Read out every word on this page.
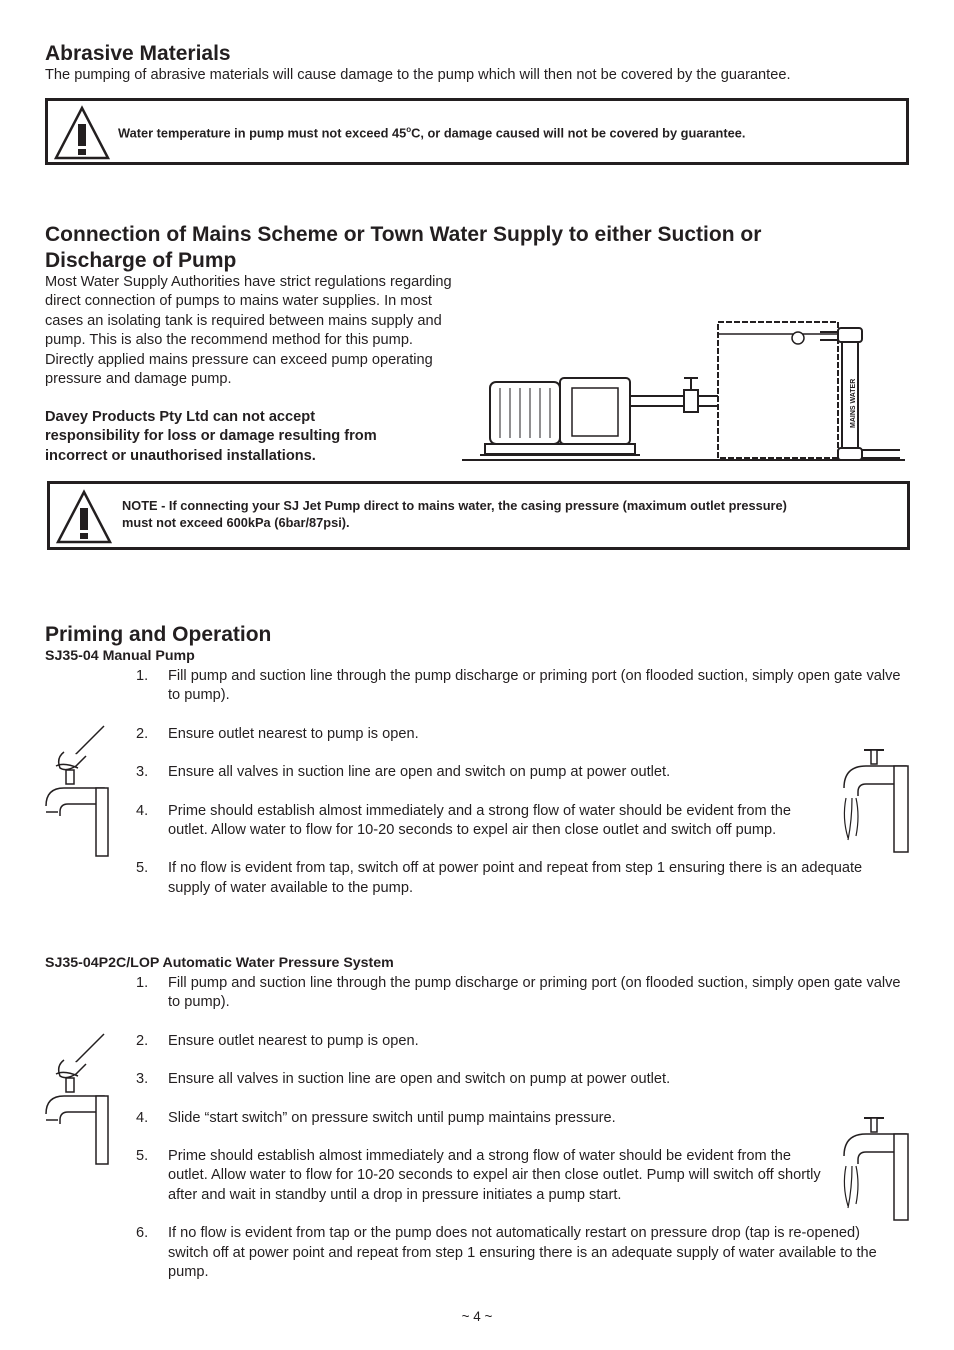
Abrasive Materials
The pumping of abrasive materials will cause damage to the pump which will then not be covered by the guarantee.
Water temperature in pump must not exceed 45$^o$C, or damage caused will not be covered by guarantee.
Connection of Mains Scheme or Town Water Supply to either Suction or
Discharge of Pump
Most Water Supply Authorities have strict regulations regarding
direct connection of pumps to mains water supplies. In most
cases an isolating tank is required between mains supply and
pump. This is also the recommend method for this pump.
Directly applied mains pressure can exceed pump operating
pressure and damage pump.
Davey Products Pty Ltd can not accept
responsibility for loss or damage resulting from
incorrect or unauthorised installations.
MAINS WATER
NOTE - If connecting your SJ Jet Pump direct to mains water, the casing pressure (maximum outlet pressure)
must not exceed 600kPa (6bar/87psi).
Priming and Operation
SJ35-04 Manual Pump
1. Fill pump and suction line through the pump discharge or priming port (on flooded suction, simply open gate valve to pump).
2. Ensure outlet nearest to pump is open.
3. Ensure all valves in suction line are open and switch on pump at power outlet.
4. Prime should establish almost immediately and a strong flow of water should be evident from the outlet. Allow water to flow for 10-20 seconds to expel air then close outlet and switch off pump.
5. If no flow is evident from tap, switch off at power point and repeat from step 1 ensuring there is an adequate supply of water available to the pump.
SJ35-04P2C/LOP Automatic Water Pressure System
1. Fill pump and suction line through the pump discharge or priming port (on flooded suction, simply open gate valve to pump).
2. Ensure outlet nearest to pump is open.
3. Ensure all valves in suction line are open and switch on pump at power outlet.
4. Slide “start switch” on pressure switch until pump maintains pressure.
5. Prime should establish almost immediately and a strong flow of water should be evident from the outlet. Allow water to flow for 10-20 seconds to expel air then close outlet. Pump will switch off shortly after and wait in standby until a drop in pressure initiates a pump start.
6. If no flow is evident from tap or the pump does not automatically restart on pressure drop (tap is re-opened) switch off at power point and repeat from step 1 ensuring there is an adequate supply of water available to the pump.
~ 4 ~
